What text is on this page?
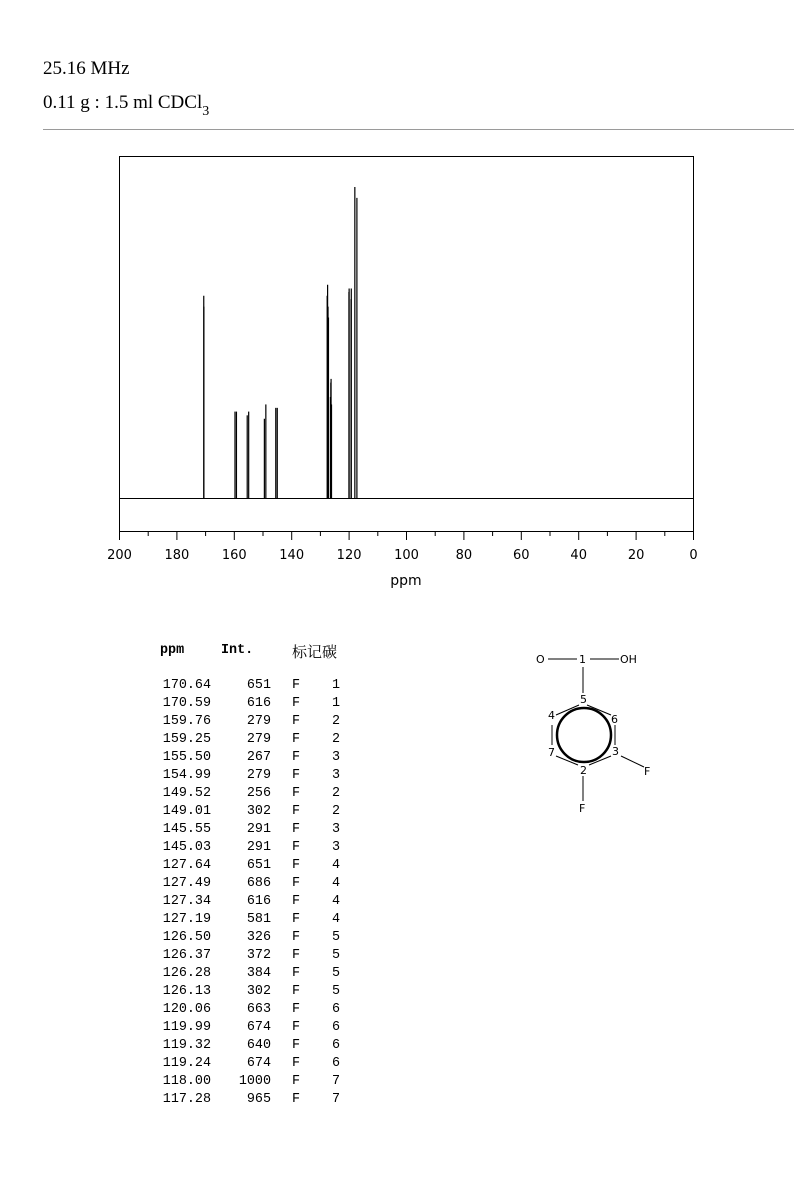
25.16 MHz
0.11 g : 1.5 ml CDCl$_3$
200	180	160	140	120	100	80	60	40	20	0
ppm
ppm	Int.	标记碳
170.64	651 F 1
170.59	616 F 1
159.76	279 F 2
159.25	279 F 2
155.50	267 F 3
154.99	279 F 3
149.52	256 F 2
149.01	302 F 2
145.55	291 F 3
145.03	291 F 3
127.64	651 F 4
127.49	686 F 4
127.34	616 F 4
127.19	581 F 4
126.50	326 F 5
126.37	372 F 5
126.28	384 F 5
126.13	302 F 5
120.06	663 F 6
119.99	674 F 6
119.32	640 F 6
119.24	674 F 6
118.00 1000 F 7
117.28	965 F 7
O	1	OH
5
6
3
2
7
4
F
F
